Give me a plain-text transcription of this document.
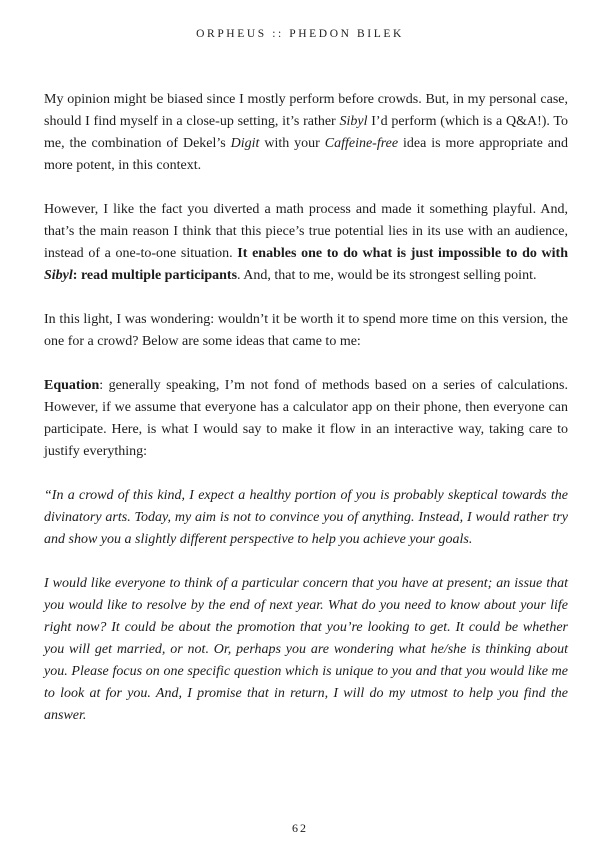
ORPHEUS :: PHEDON BILEK

My opinion might be biased since I mostly perform before crowds. But, in my personal case, should I find myself in a close-up setting, it’s rather Sibyl I’d perform (which is a Q&A!). To me, the combination of Dekel’s Digit with your Caffeine-free idea is more appropriate and more potent, in this context.

However, I like the fact you diverted a math process and made it something playful. And, that’s the main reason I think that this piece’s true potential lies in its use with an audience, instead of a one-to-one situation. It enables one to do what is just impossible to do with Sibyl: read multiple participants. And, that to me, would be its strongest selling point.

In this light, I was wondering: wouldn’t it be worth it to spend more time on this version, the one for a crowd? Below are some ideas that came to me:

Equation: generally speaking, I’m not fond of methods based on a series of calculations. However, if we assume that everyone has a calculator app on their phone, then everyone can participate. Here, is what I would say to make it flow in an interactive way, taking care to justify everything:

“In a crowd of this kind, I expect a healthy portion of you is probably skeptical towards the divinatory arts. Today, my aim is not to convince you of anything. Instead, I would rather try and show you a slightly different perspective to help you achieve your goals.

I would like everyone to think of a particular concern that you have at present; an issue that you would like to resolve by the end of next year. What do you need to know about your life right now? It could be about the promotion that you’re looking to get. It could be whether you will get married, or not. Or, perhaps you are wondering what he/she is thinking about you. Please focus on one specific question which is unique to you and that you would like me to look at for you. And, I promise that in return, I will do my utmost to help you find the answer.

62
